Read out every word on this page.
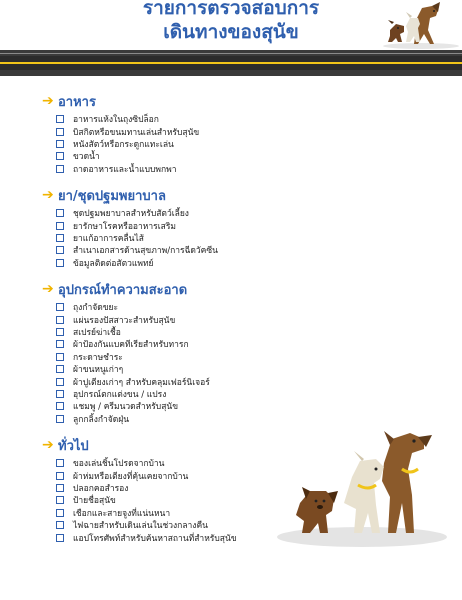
รายการตรวจสอบการ
เดินทางของสุนัข
➔ อาหาร
อาหารแห้งในถุงซิปล็อก
บิสกิตหรือขนมทานเล่นสำหรับสุนัข
หนังสัตว์หรือกระดูกแทะเล่น
ขวดน้ำ
ถาดอาหารและน้ำแบบพกพา
➔ ยา/ชุดปฐมพยาบาล
ชุดปฐมพยาบาลสำหรับสัตว์เลี้ยง
ยารักษาโรคหรืออาหารเสริม
ยาแก้อาการคลื่นไส้
สำเนาเอกสารด้านสุขภาพ/การฉีดวัคซีน
ข้อมูลติดต่อสัตวแพทย์
➔ อุปกรณ์ทำความสะอาด
ถุงกำจัดขยะ
แผ่นรองปัสสาวะสำหรับสุนัข
สเปรย์ฆ่าเชื้อ
ผ้าป้องกันแบคทีเรียสำหรับทารก
กระดาษชำระ
ผ้าขนหนูเก่าๆ
ผ้าปูเตียงเก่าๆ สำหรับคลุมเฟอร์นิเจอร์
อุปกรณ์ตกแต่งขน / แปรง
แชมพู / ครีมนวดสำหรับสุนัข
ลูกกลิ้งกำจัดฝุ่น
➔ ทั่วไป
ของเล่นชิ้นโปรดจากบ้าน
ผ้าห่มหรือเตียงที่คุ้นเคยจากบ้าน
ปลอกคอสำรอง
ป้ายชื่อสุนัข
เชือกและสายจูงที่แน่นหนา
ไฟฉายสำหรับเดินเล่นในช่วงกลางคืน
แอปโทรศัพท์สำหรับค้นหาสถานที่สำหรับสุนัข
